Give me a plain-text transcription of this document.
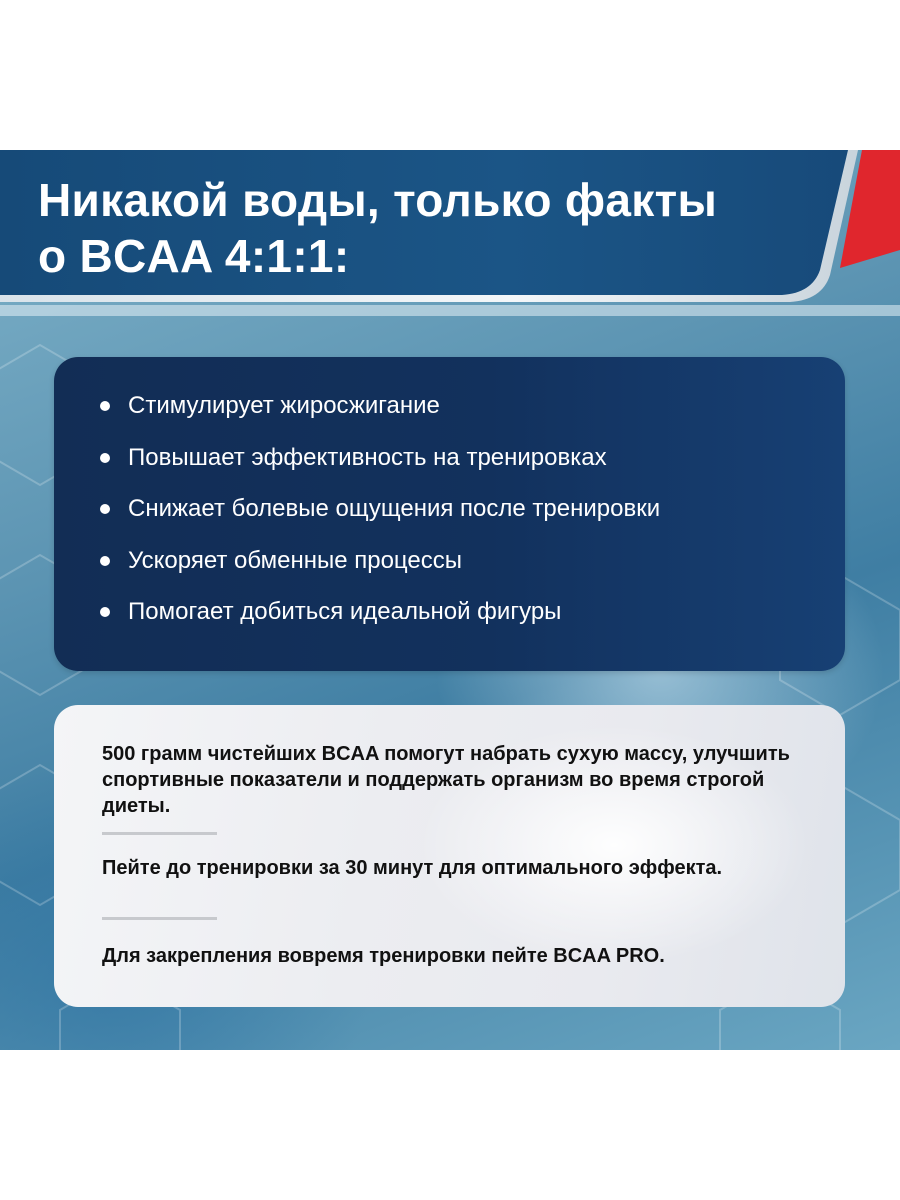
Никакой воды, только факты
о BCAA 4:1:1:
Стимулирует жиросжигание
Повышает эффективность на тренировках
Снижает болевые ощущения после тренировки
Ускоряет обменные процессы
Помогает добиться идеальной фигуры

500 грамм чистейших BCAA помогут набрать сухую массу, улучшить спортивные показатели и поддержать организм во время строгой диеты.

Пейте до тренировки за 30 минут для оптимального эффекта.

Для закрепления вовремя тренировки пейте BCAA PRO.
